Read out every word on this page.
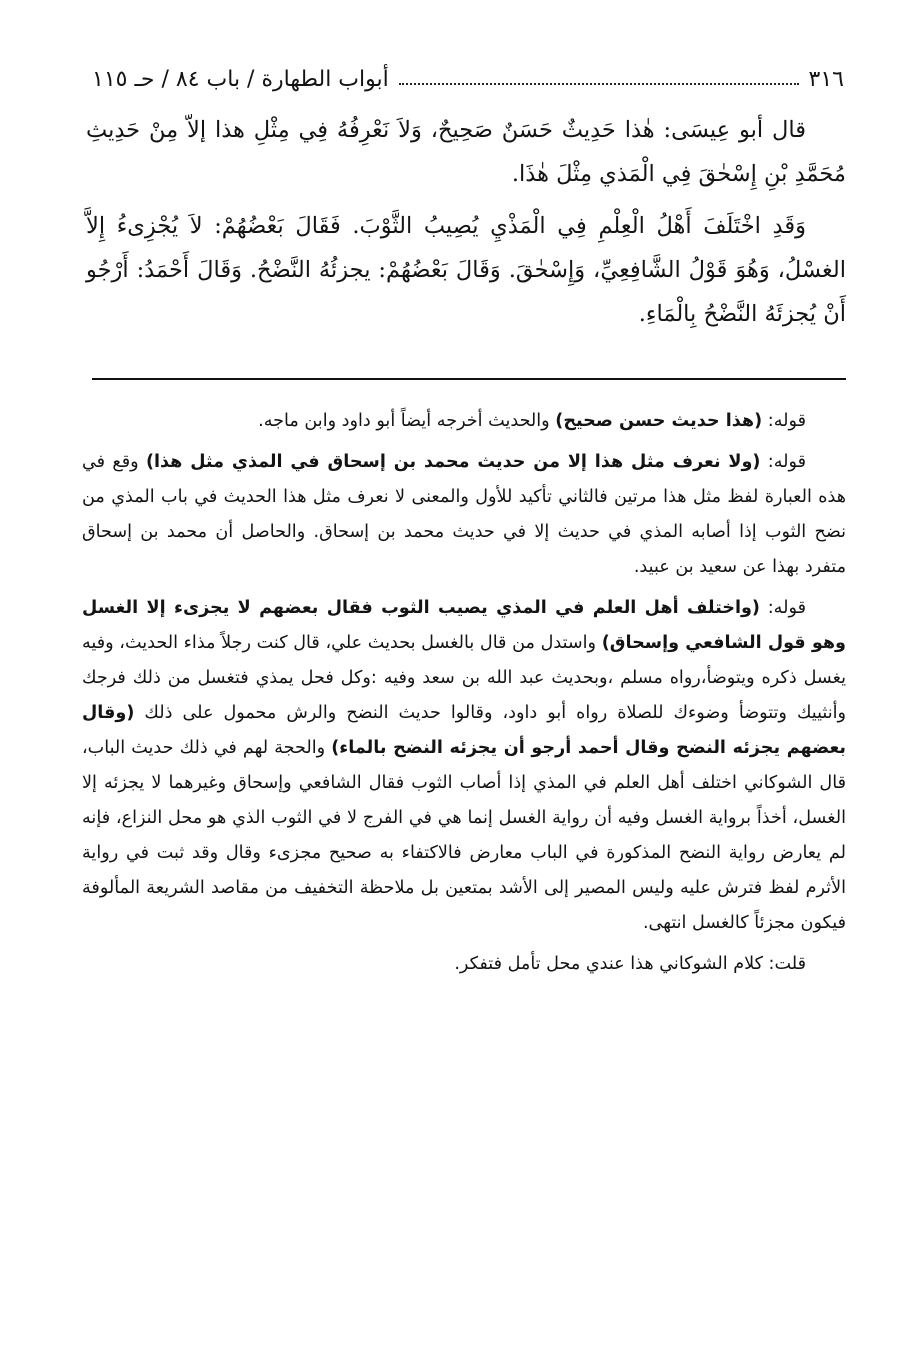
٣١٦
أبواب الطهارة / باب ٨٤ / حـ ١١٥

قال أبو عِيسَى: هٰذا حَدِيثٌ حَسَنٌ صَحِيحٌ، وَلاَ نَعْرِفُهُ فِي مِثْلِ هذا إلاّ مِنْ حَدِيثِ مُحَمَّدِ بْنِ إِسْحٰقَ فِي الْمَذي مِثْلَ هٰذَا.

وَقَدِ اخْتَلَفَ أَهْلُ الْعِلْمِ فِي الْمَذْيِ يُصِيبُ الثَّوْبَ. فَقَالَ بَعْضُهُمْ: لاَ يُجْزِىءُ إِلاَّ الغسْلُ، وَهُوَ قَوْلُ الشَّافِعِيِّ، وَإِسْحٰقَ. وَقَالَ بَعْضُهُمْ: يجزئُهُ النَّضْحُ. وَقَالَ أَحْمَدُ: أَرْجُو أَنْ يُجزئَهُ النَّضْحُ بِالْمَاءِ.

قوله: (هذا حديث حسن صحيح) والحديث أخرجه أيضاً أبو داود وابن ماجه.

قوله: (ولا نعرف مثل هذا إلا من حديث محمد بن إسحاق في المذي مثل هذا) وقع في هذه العبارة لفظ مثل هذا مرتين فالثاني تأكيد للأول والمعنى لا نعرف مثل هذا الحديث في باب المذي من نضح الثوب إذا أصابه المذي في حديث إلا في حديث محمد بن إسحاق. والحاصل أن محمد بن إسحاق متفرد بهذا عن سعيد بن عبيد.

قوله: (واختلف أهل العلم في المذي يصيب الثوب فقال بعضهم لا يجزىء إلا الغسل وهو قول الشافعي وإسحاق) واستدل من قال بالغسل بحديث علي، قال كنت رجلاً مذاء الحديث، وفيه يغسل ذكره ويتوضأ،رواه مسلم ،وبحديث عبد الله بن سعد وفيه :وكل فحل يمذي فتغسل من ذلك فرجك وأنثييك وتتوضأ وضوءك للصلاة رواه أبو داود، وقالوا حديث النضح والرش محمول على ذلك (وقال بعضهم يجزئه النضح وقال أحمد أرجو أن يجزئه النضح بالماء) والحجة لهم في ذلك حديث الباب، قال الشوكاني اختلف أهل العلم في المذي إذا أصاب الثوب فقال الشافعي وإسحاق وغيرهما لا يجزئه إلا الغسل، أخذاً برواية الغسل وفيه أن رواية الغسل إنما هي في الفرج لا في الثوب الذي هو محل النزاع، فإنه لم يعارض رواية النضح المذكورة في الباب معارض فالاكتفاء به صحيح مجزىء وقال وقد ثبت في رواية الأثرم لفظ فترش عليه وليس المصير إلى الأشد بمتعين بل ملاحظة التخفيف من مقاصد الشريعة المألوفة فيكون مجزئاً كالغسل انتهى.

قلت: كلام الشوكاني هذا عندي محل تأمل فتفكر.
